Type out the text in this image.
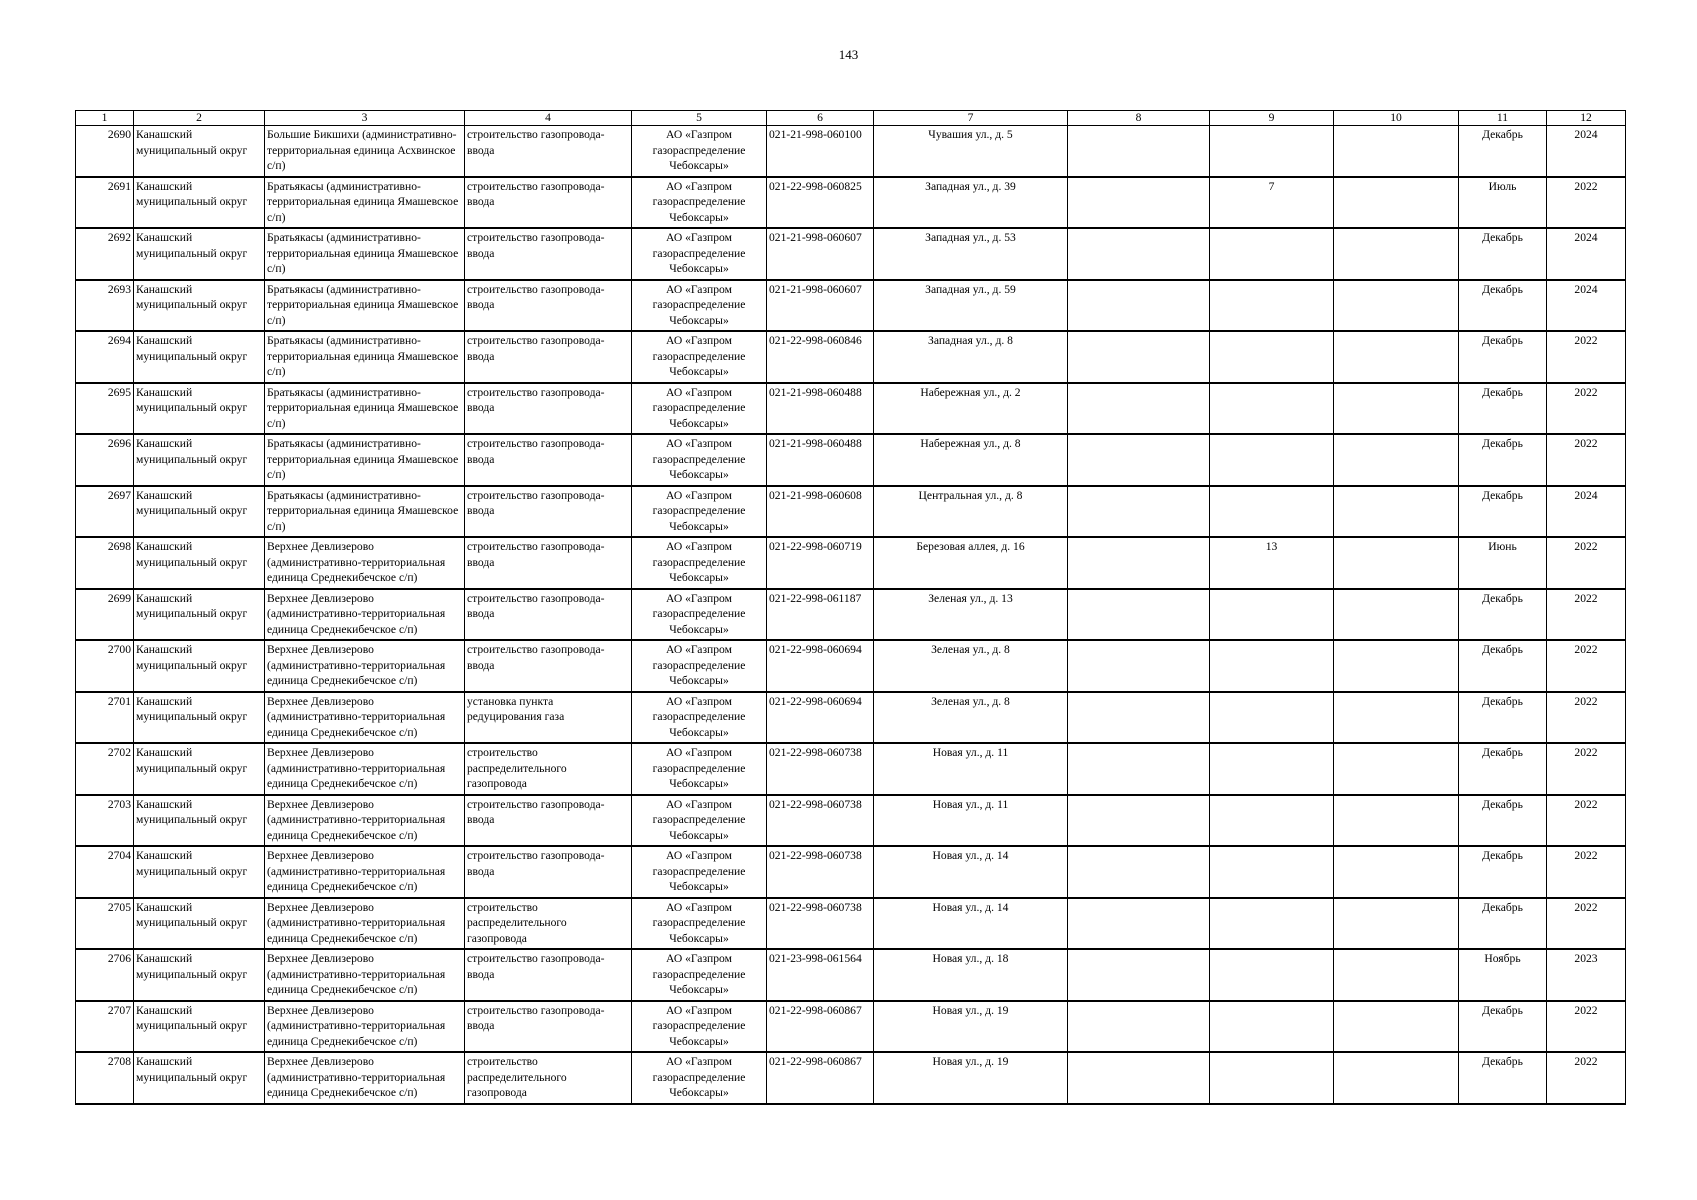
143
1	2	3	4	5	6	7	8	9	10	11	12
2690	Канашский муниципальный округ	Большие Бикшихи (административно-территориальная единица Асхвинское с/п)	строительство газопровода-ввода	АО «Газпром газораспределение Чебоксары»	021-21-998-060100	Чувашия ул., д. 5				Декабрь	2024
2691	Канашский муниципальный округ	Братьякасы (административно-территориальная единица Ямашевское с/п)	строительство газопровода-ввода	АО «Газпром газораспределение Чебоксары»	021-22-998-060825	Западная ул., д. 39		7		Июль	2022
2692	Канашский муниципальный округ	Братьякасы (административно-территориальная единица Ямашевское с/п)	строительство газопровода-ввода	АО «Газпром газораспределение Чебоксары»	021-21-998-060607	Западная ул., д. 53				Декабрь	2024
2693	Канашский муниципальный округ	Братьякасы (административно-территориальная единица Ямашевское с/п)	строительство газопровода-ввода	АО «Газпром газораспределение Чебоксары»	021-21-998-060607	Западная ул., д. 59				Декабрь	2024
2694	Канашский муниципальный округ	Братьякасы (административно-территориальная единица Ямашевское с/п)	строительство газопровода-ввода	АО «Газпром газораспределение Чебоксары»	021-22-998-060846	Западная ул., д. 8				Декабрь	2022
2695	Канашский муниципальный округ	Братьякасы (административно-территориальная единица Ямашевское с/п)	строительство газопровода-ввода	АО «Газпром газораспределение Чебоксары»	021-21-998-060488	Набережная ул., д. 2				Декабрь	2022
2696	Канашский муниципальный округ	Братьякасы (административно-территориальная единица Ямашевское с/п)	строительство газопровода-ввода	АО «Газпром газораспределение Чебоксары»	021-21-998-060488	Набережная ул., д. 8				Декабрь	2022
2697	Канашский муниципальный округ	Братьякасы (административно-территориальная единица Ямашевское с/п)	строительство газопровода-ввода	АО «Газпром газораспределение Чебоксары»	021-21-998-060608	Центральная ул., д. 8				Декабрь	2024
2698	Канашский муниципальный округ	Верхнее Девлизерово (административно-территориальная единица Среднекибечское с/п)	строительство газопровода-ввода	АО «Газпром газораспределение Чебоксары»	021-22-998-060719	Березовая аллея, д. 16		13		Июнь	2022
2699	Канашский муниципальный округ	Верхнее Девлизерово (административно-территориальная единица Среднекибечское с/п)	строительство газопровода-ввода	АО «Газпром газораспределение Чебоксары»	021-22-998-061187	Зеленая ул., д. 13				Декабрь	2022
2700	Канашский муниципальный округ	Верхнее Девлизерово (административно-территориальная единица Среднекибечское с/п)	строительство газопровода-ввода	АО «Газпром газораспределение Чебоксары»	021-22-998-060694	Зеленая ул., д. 8				Декабрь	2022
2701	Канашский муниципальный округ	Верхнее Девлизерово (административно-территориальная единица Среднекибечское с/п)	установка пункта редуцирования газа	АО «Газпром газораспределение Чебоксары»	021-22-998-060694	Зеленая ул., д. 8				Декабрь	2022
2702	Канашский муниципальный округ	Верхнее Девлизерово (административно-территориальная единица Среднекибечское с/п)	строительство распределительного газопровода	АО «Газпром газораспределение Чебоксары»	021-22-998-060738	Новая ул., д. 11				Декабрь	2022
2703	Канашский муниципальный округ	Верхнее Девлизерово (административно-территориальная единица Среднекибечское с/п)	строительство газопровода-ввода	АО «Газпром газораспределение Чебоксары»	021-22-998-060738	Новая ул., д. 11				Декабрь	2022
2704	Канашский муниципальный округ	Верхнее Девлизерово (административно-территориальная единица Среднекибечское с/п)	строительство газопровода-ввода	АО «Газпром газораспределение Чебоксары»	021-22-998-060738	Новая ул., д. 14				Декабрь	2022
2705	Канашский муниципальный округ	Верхнее Девлизерово (административно-территориальная единица Среднекибечское с/п)	строительство распределительного газопровода	АО «Газпром газораспределение Чебоксары»	021-22-998-060738	Новая ул., д. 14				Декабрь	2022
2706	Канашский муниципальный округ	Верхнее Девлизерово (административно-территориальная единица Среднекибечское с/п)	строительство газопровода-ввода	АО «Газпром газораспределение Чебоксары»	021-23-998-061564	Новая ул., д. 18				Ноябрь	2023
2707	Канашский муниципальный округ	Верхнее Девлизерово (административно-территориальная единица Среднекибечское с/п)	строительство газопровода-ввода	АО «Газпром газораспределение Чебоксары»	021-22-998-060867	Новая ул., д. 19				Декабрь	2022
2708	Канашский муниципальный округ	Верхнее Девлизерово (административно-территориальная единица Среднекибечское с/п)	строительство распределительного газопровода	АО «Газпром газораспределение Чебоксары»	021-22-998-060867	Новая ул., д. 19				Декабрь	2022
